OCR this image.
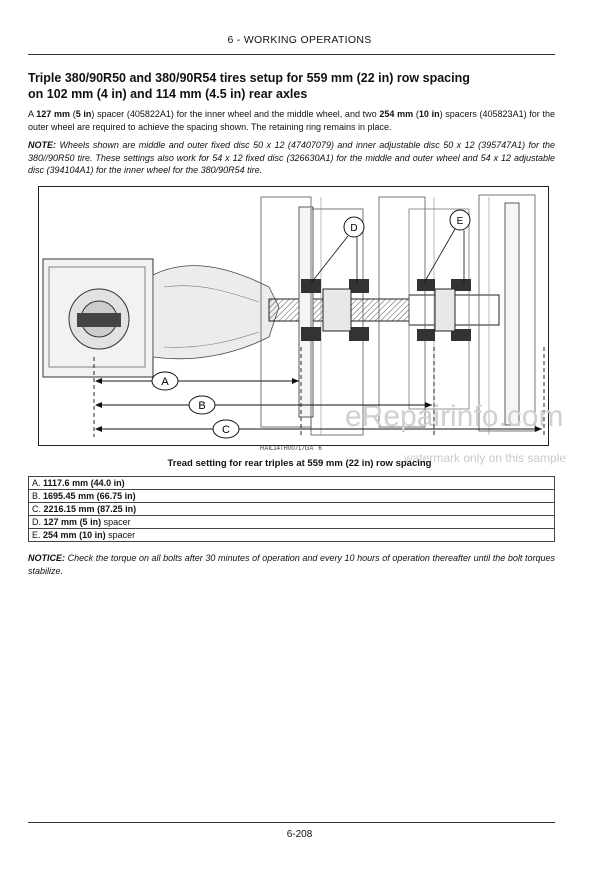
6 - WORKING OPERATIONS
Triple 380/90R50 and 380/90R54 tires setup for 559 mm (22 in) row spacing
on 102 mm (4 in) and 114 mm (4.5 in) rear axles
A 127 mm (5 in) spacer (405822A1) for the inner wheel and the middle wheel, and two 254 mm (10 in) spacers (405823A1) for the outer wheel are required to achieve the spacing shown. The retaining ring remains in place.
NOTE: Wheels shown are middle and outer fixed disc 50 x 12 (47407079) and inner adjustable disc 50 x 12 (395747A1) for the 380//90R50 tire. These settings also work for 54 x 12 fixed disc (326630A1) for the middle and outer wheel and 54 x 12 adjustable disc (394104A1) for the inner wheel for the 380/90R54 tire.
D
E
A
B
C
RAIL14TR00717GA 6
eRepairinfo.com
watermark only on this sample
Tread setting for rear triples at 559 mm (22 in) row spacing
A. 1117.6 mm (44.0 in)
B. 1695.45 mm (66.75 in)
C. 2216.15 mm (87.25 in)
D. 127 mm (5 in) spacer
E. 254 mm (10 in) spacer
NOTICE: Check the torque on all bolts after 30 minutes of operation and every 10 hours of operation thereafter until the bolt torques stabilize.
6-208
